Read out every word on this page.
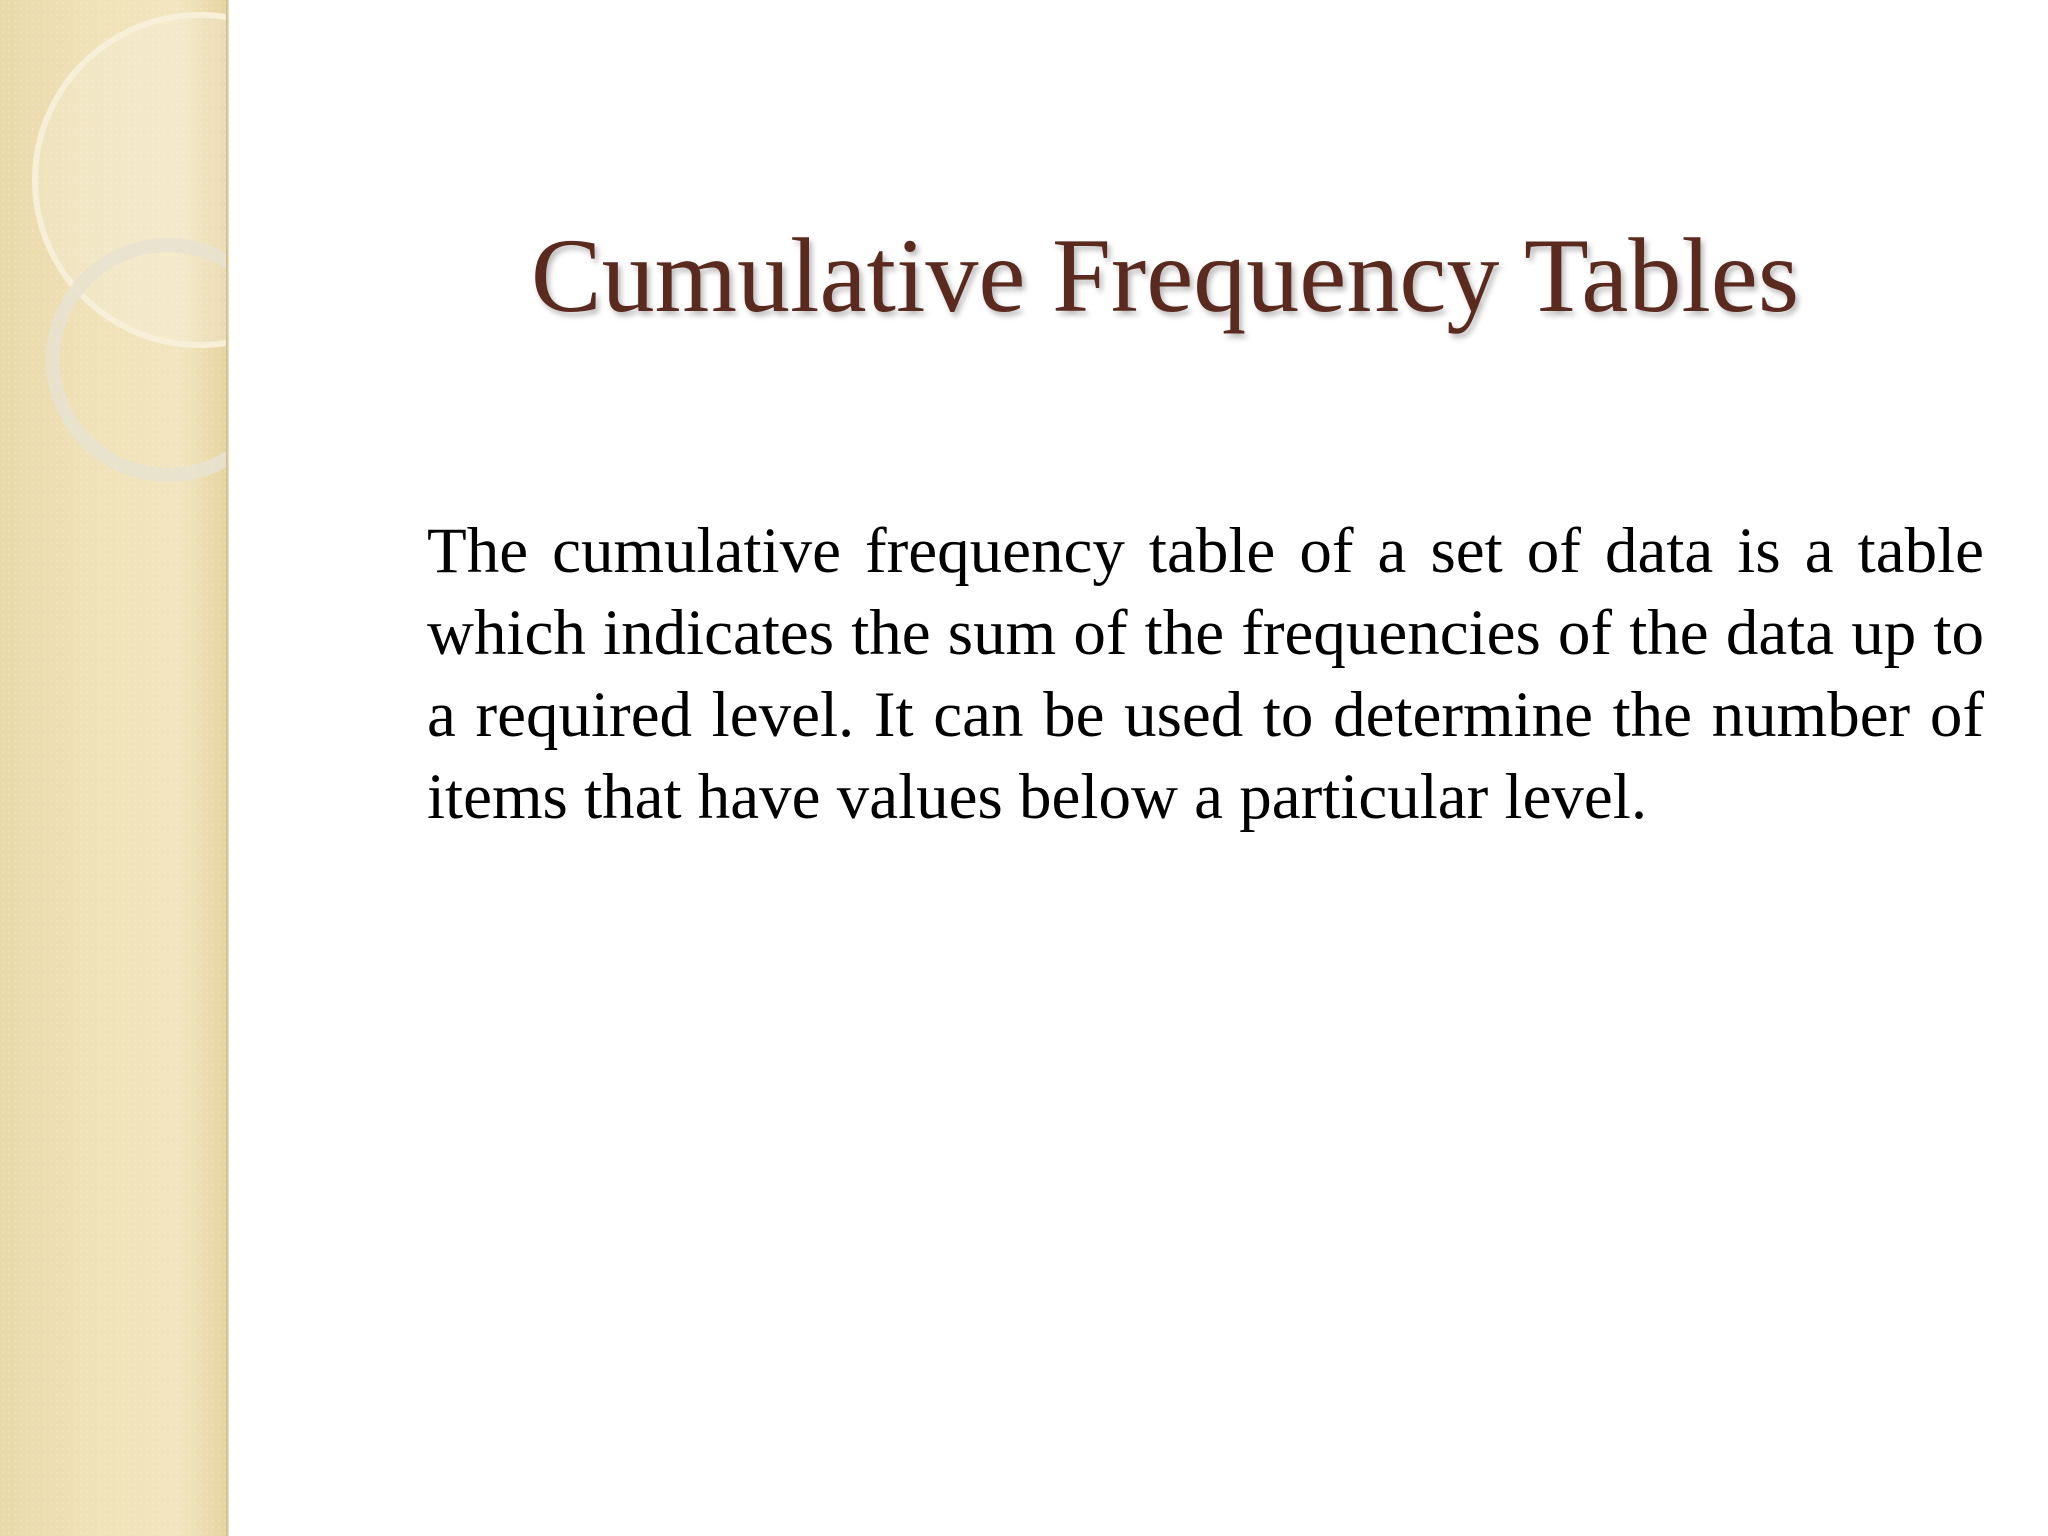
Cumulative Frequency Tables

The cumulative frequency table of a set of data is a table which indicates the sum of the frequencies of the data up to a required level. It can be used to determine the number of items that have values below a particular level.
